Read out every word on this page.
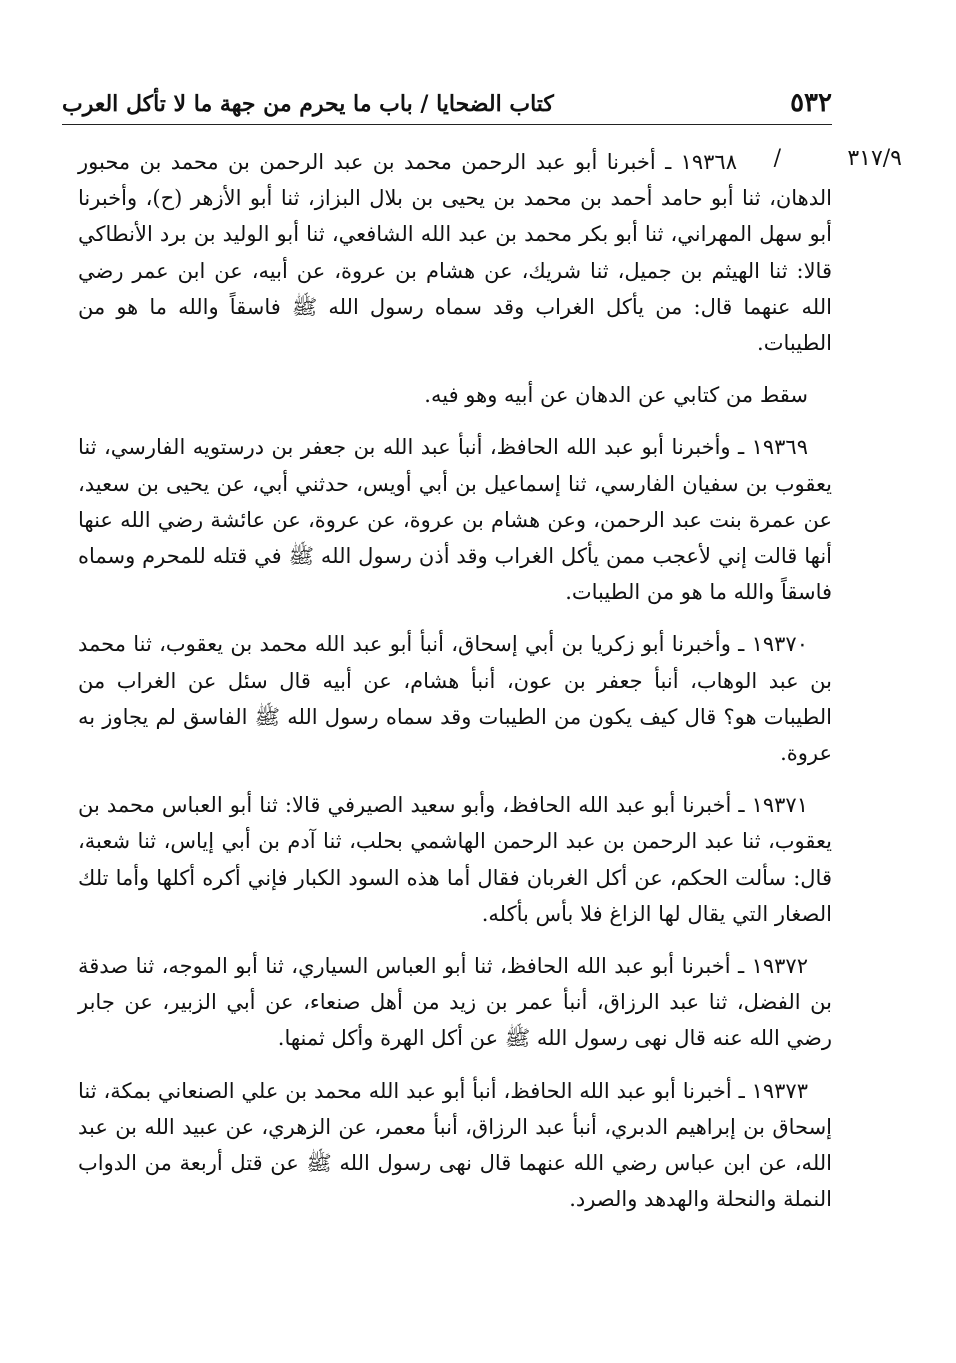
٥٣٢
كتاب الضحايا / باب ما يحرم من جهة ما لا تأكل العرب
٣١٧/٩
/

١٩٣٦٨ ـ أخبرنا أبو عبد الرحمن محمد بن عبد الرحمن بن محمد بن محبور الدهان، ثنا أبو حامد أحمد بن محمد بن يحيى بن بلال البزاز، ثنا أبو الأزهر (ح)، وأخبرنا أبو سهل المهراني، ثنا أبو بكر محمد بن عبد الله الشافعي، ثنا أبو الوليد بن برد الأنطاكي قالا: ثنا الهيثم بن جميل، ثنا شريك، عن هشام بن عروة، عن أبيه، عن ابن عمر رضي الله عنهما قال: من يأكل الغراب وقد سماه رسول الله ﷺ فاسقاً والله ما هو من الطيبات.

سقط من كتابي عن الدهان عن أبيه وهو فيه.

١٩٣٦٩ ـ وأخبرنا أبو عبد الله الحافظ، أنبأ عبد الله بن جعفر بن درستويه الفارسي، ثنا يعقوب بن سفيان الفارسي، ثنا إسماعيل بن أبي أويس، حدثني أبي، عن يحيى بن سعيد، عن عمرة بنت عبد الرحمن، وعن هشام بن عروة، عن عروة، عن عائشة رضي الله عنها أنها قالت إني لأعجب ممن يأكل الغراب وقد أذن رسول الله ﷺ في قتله للمحرم وسماه فاسقاً والله ما هو من الطيبات.

١٩٣٧٠ ـ وأخبرنا أبو زكريا بن أبي إسحاق، أنبأ أبو عبد الله محمد بن يعقوب، ثنا محمد بن عبد الوهاب، أنبأ جعفر بن عون، أنبأ هشام، عن أبيه قال سئل عن الغراب من الطيبات هو؟ قال كيف يكون من الطيبات وقد سماه رسول الله ﷺ الفاسق لم يجاوز به عروة.

١٩٣٧١ ـ أخبرنا أبو عبد الله الحافظ، وأبو سعيد الصيرفي قالا: ثنا أبو العباس محمد بن يعقوب، ثنا عبد الرحمن بن عبد الرحمن الهاشمي بحلب، ثنا آدم بن أبي إياس، ثنا شعبة، قال: سألت الحكم، عن أكل الغربان فقال أما هذه السود الكبار فإني أكره أكلها وأما تلك الصغار التي يقال لها الزاغ فلا بأس بأكله.

١٩٣٧٢ ـ أخبرنا أبو عبد الله الحافظ، ثنا أبو العباس السياري، ثنا أبو الموجه، ثنا صدقة بن الفضل، ثنا عبد الرزاق، أنبأ عمر بن زيد من أهل صنعاء، عن أبي الزبير، عن جابر رضي الله عنه قال نهى رسول الله ﷺ عن أكل الهرة وأكل ثمنها.

١٩٣٧٣ ـ أخبرنا أبو عبد الله الحافظ، أنبأ أبو عبد الله محمد بن علي الصنعاني بمكة، ثنا إسحاق بن إبراهيم الدبري، أنبأ عبد الرزاق، أنبأ معمر، عن الزهري، عن عبيد الله بن عبد الله، عن ابن عباس رضي الله عنهما قال نهى رسول الله ﷺ عن قتل أربعة من الدواب النملة والنحلة والهدهد والصرد.
